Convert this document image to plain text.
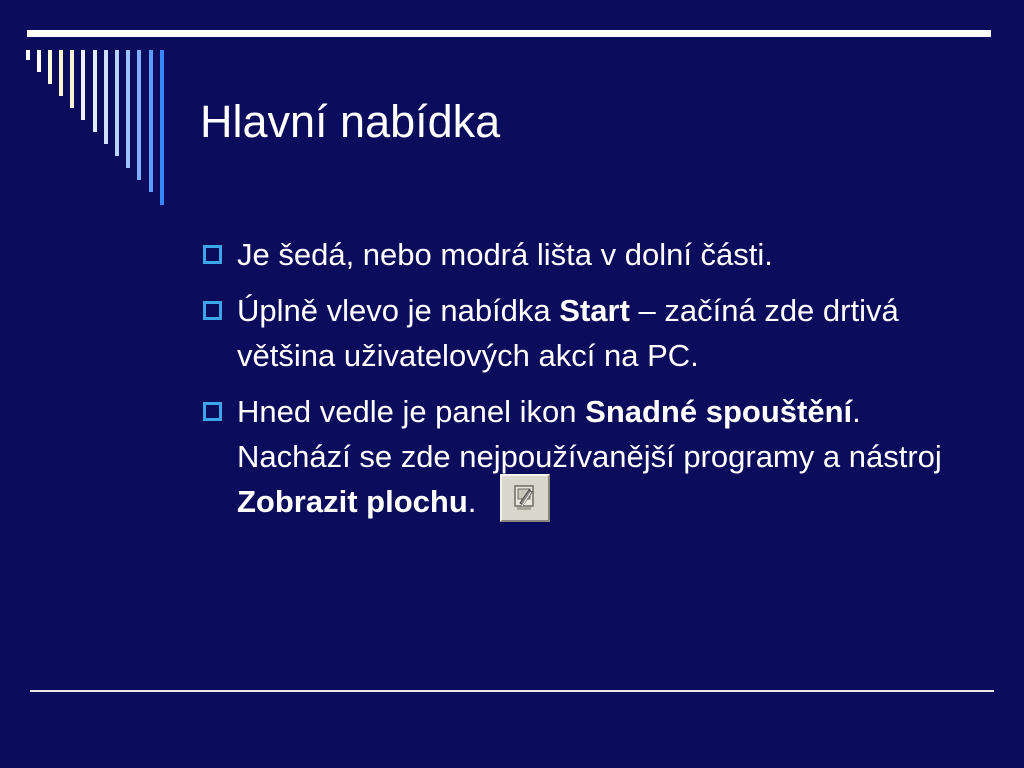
Hlavní nabídka
Je šedá, nebo modrá lišta v dolní části.
Úplně vlevo je nabídka Start – začíná zde drtivá většina uživatelových akcí na PC.
Hned vedle je panel ikon Snadné spouštění. Nachází se zde nejpoužívanější programy a nástroj Zobrazit plochu.
